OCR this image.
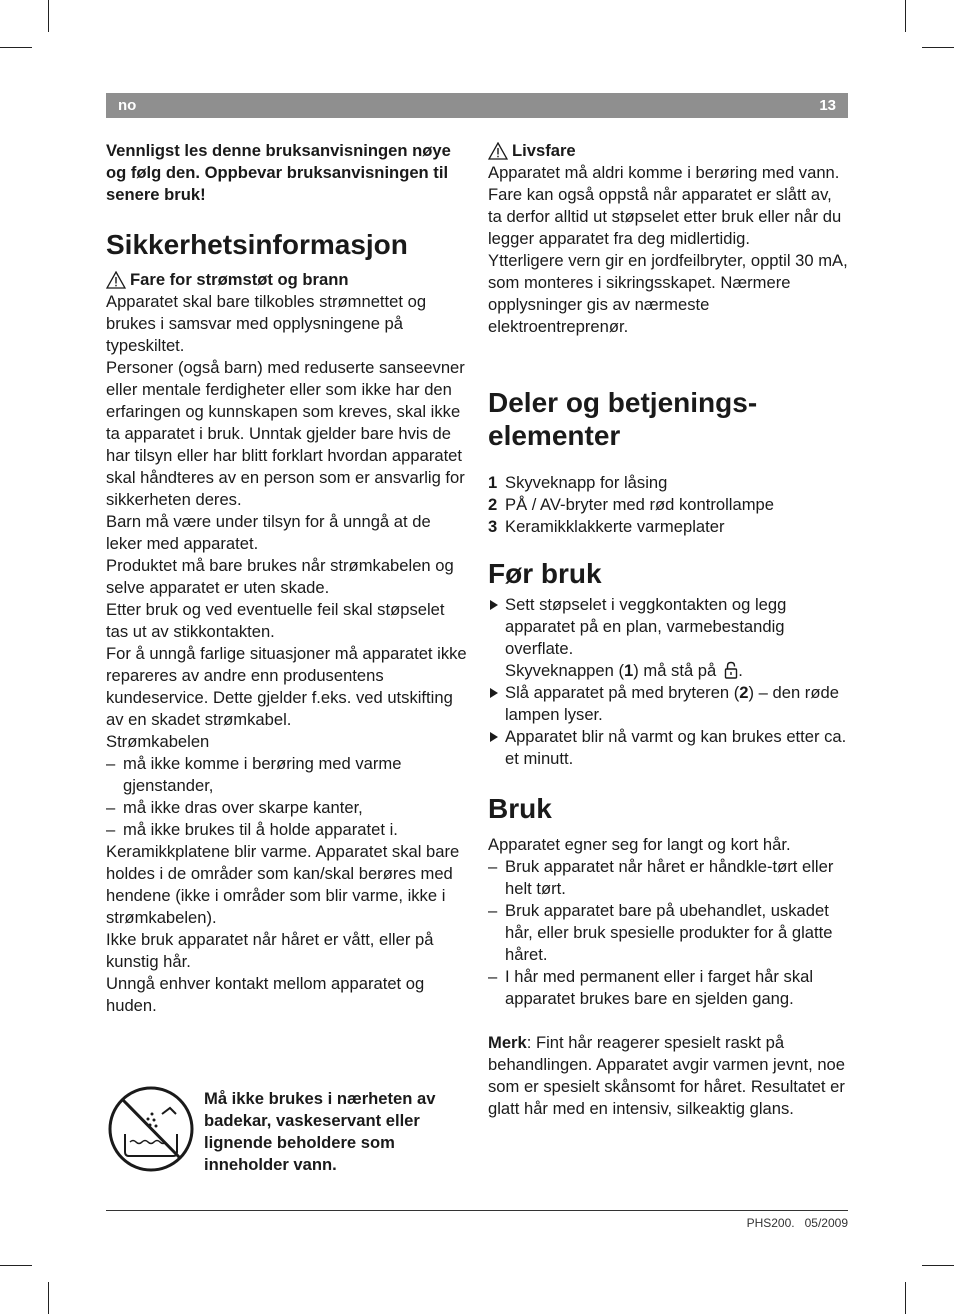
no	13

Vennligst les denne bruksanvisningen nøye og følg den. Oppbevar bruksanvisningen til senere bruk!

Sikkerhetsinformasjon
Fare for strømstøt og brann

Apparatet skal bare tilkobles strømnettet og brukes i samsvar med opplysningene på typeskiltet.

Personer (også barn) med reduserte sanseevner eller mentale ferdigheter eller som ikke har den erfaringen og kunnskapen som kreves, skal ikke ta apparatet i bruk. Unntak gjelder bare hvis de har tilsyn eller har blitt forklart hvordan apparatet skal håndteres av en person som er ansvarlig for sikkerheten deres.

Barn må være under tilsyn for å unngå at de leker med apparatet.

Produktet må bare brukes når strømkabelen og selve apparatet er uten skade.

Etter bruk og ved eventuelle feil skal støpselet tas ut av stikkontakten.

For å unngå farlige situasjoner må apparatet ikke repareres av andre enn produsentens kundeservice. Dette gjelder f.eks. ved utskifting av en skadet strømkabel.

Strømkabelen

– må ikke komme i berøring med varme gjenstander,
– må ikke dras over skarpe kanter,
– må ikke brukes til å holde apparatet i.

Keramikkplatene blir varme. Apparatet skal bare holdes i de områder som kan/skal berøres med hendene (ikke i områder som blir varme, ikke i strømkabelen).

Ikke bruk apparatet når håret er vått, eller på kunstig hår.

Unngå enhver kontakt mellom apparatet og huden.

Må ikke brukes i nærheten av badekar, vaskeservant eller lignende beholdere som inneholder vann.
Livsfare

Apparatet må aldri komme i berøring med vann. Fare kan også oppstå når apparatet er slått av, ta derfor alltid ut støpselet etter bruk eller når du legger apparatet fra deg midlertidig.

Ytterligere vern gir en jordfeilbryter, opptil 30 mA, som monteres i sikringsskapet. Nærmere opplysninger gis av nærmeste elektroentreprenør.

Deler og betjenings-
elementer
1 Skyveknapp for låsing
2 PÅ / AV-bryter med rød kontrollampe
3 Keramikklakkerte varmeplater
Før bruk
Sett støpselet i veggkontakten og legg apparatet på en plan, varmebestandig overflate.
Skyveknappen (1) må stå på .
Slå apparatet på med bryteren (2) – den røde lampen lyser.
Apparatet blir nå varmt og kan brukes etter ca. et minutt.
Bruk

Apparatet egner seg for langt og kort hår.

– Bruk apparatet når håret er håndkle-tørt eller helt tørt.
– Bruk apparatet bare på ubehandlet, uskadet hår, eller bruk spesielle produkter for å glatte håret.
– I hår med permanent eller i farget hår skal apparatet brukes bare en sjelden gang.

Merk: Fint hår reagerer spesielt raskt på behandlingen. Apparatet avgir varmen jevnt, noe som er spesielt skånsomt for håret. Resultatet er glatt hår med en intensiv, silkeaktig glans.

PHS200. 05/2009
